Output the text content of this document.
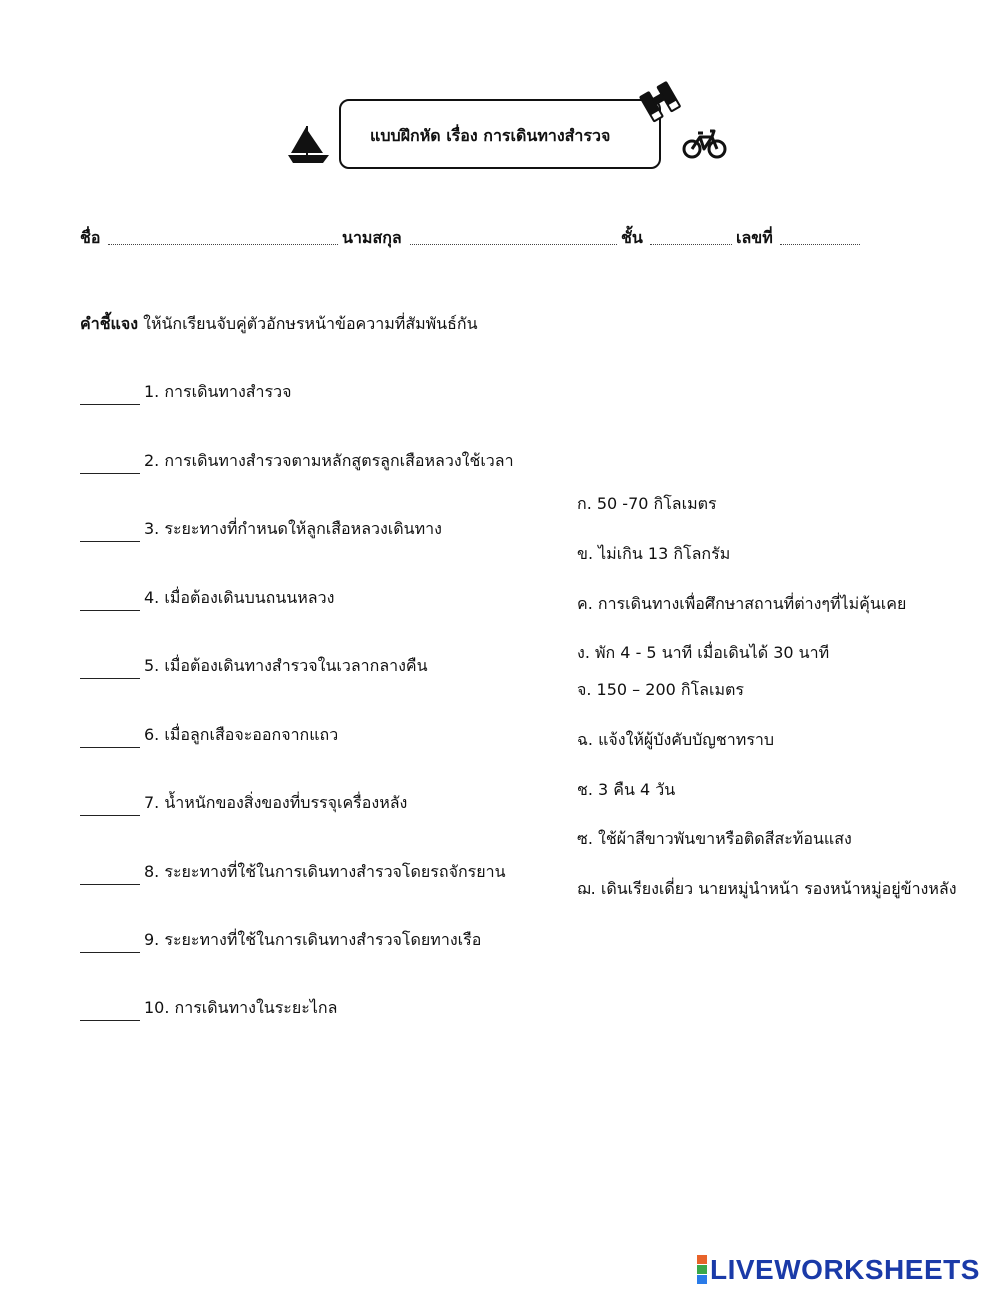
แบบฝึกหัด เรื่อง การเดินทางสำรวจ
ชื่อ	นามสกุล	ชั้น	เลขที่
คำชี้แจง ให้นักเรียนจับคู่ตัวอักษรหน้าข้อความที่สัมพันธ์กัน
1. การเดินทางสำรวจ
2. การเดินทางสำรวจตามหลักสูตรลูกเสือหลวงใช้เวลา
3. ระยะทางที่กำหนดให้ลูกเสือหลวงเดินทาง
4. เมื่อต้องเดินบนถนนหลวง
5. เมื่อต้องเดินทางสำรวจในเวลากลางคืน
6. เมื่อลูกเสือจะออกจากแถว
7. น้ำหนักของสิ่งของที่บรรจุเครื่องหลัง
8. ระยะทางที่ใช้ในการเดินทางสำรวจโดยรถจักรยาน
9. ระยะทางที่ใช้ในการเดินทางสำรวจโดยทางเรือ
10. การเดินทางในระยะไกล
ก. 50 -70 กิโลเมตร
ข. ไม่เกิน 13 กิโลกรัม
ค. การเดินทางเพื่อศึกษาสถานที่ต่างๆที่ไม่คุ้นเคย
ง. พัก 4 - 5 นาที เมื่อเดินได้ 30 นาที
จ. 150 – 200 กิโลเมตร
ฉ. แจ้งให้ผู้บังคับบัญชาทราบ
ช. 3 คืน 4 วัน
ซ. ใช้ผ้าสีขาวพันขาหรือติดสีสะท้อนแสง
ฌ. เดินเรียงเดี่ยว นายหมู่นำหน้า รองหน้าหมู่อยู่ข้างหลัง
LIVEWORKSHEETS
